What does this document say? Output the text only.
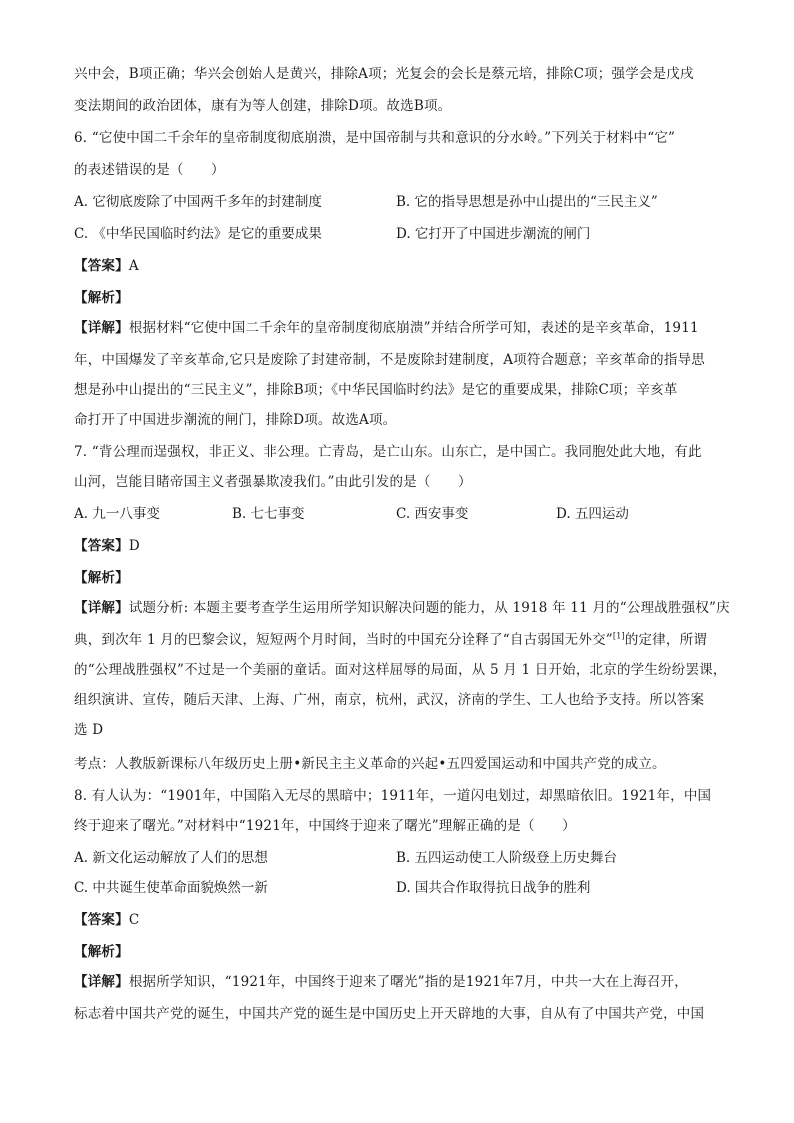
兴中会，B项正确；华兴会创始人是黄兴，排除A项；光复会的会长是蔡元培，排除C项；强学会是戊戌
变法期间的政治团体，康有为等人创建，排除D项。故选B项。
6. “它使中国二千余年的皇帝制度彻底崩溃，是中国帝制与共和意识的分水岭。”下列关于材料中“它”
的表述错误的是（　　）
A. 它彻底废除了中国两千多年的封建制度	B. 它的指导思想是孙中山提出的“三民主义”
C. 《中华民国临时约法》是它的重要成果	D. 它打开了中国进步潮流的闸门
【答案】A
【解析】
【详解】根据材料“它使中国二千余年的皇帝制度彻底崩溃”并结合所学可知，表述的是辛亥革命，1911
年，中国爆发了辛亥革命,它只是废除了封建帝制，不是废除封建制度，A项符合题意；辛亥革命的指导思
想是孙中山提出的“三民主义”，排除B项；《中华民国临时约法》是它的重要成果，排除C项；辛亥革
命打开了中国进步潮流的闸门，排除D项。故选A项。
7. “背公理而逞强权，非正义、非公理。亡青岛，是亡山东。山东亡，是中国亡。我同胞处此大地，有此
山河，岂能目睹帝国主义者强暴欺凌我们。”由此引发的是（　　）
A. 九一八事变	B. 七七事变	C. 西安事变	D. 五四运动
【答案】D
【解析】
【详解】试题分析: 本题主要考查学生运用所学知识解决问题的能力，从 1918 年 11 月的“公理战胜强权”庆
典，到次年 1 月的巴黎会议，短短两个月时间，当时的中国充分诠释了“自古弱国无外交”[1]的定律，所谓
的“公理战胜强权”不过是一个美丽的童话。面对这样屈辱的局面，从 5 月 1 日开始，北京的学生纷纷罢课，
组织演讲、宣传，随后天津、上海、广州，南京，杭州，武汉，济南的学生、工人也给予支持。所以答案
选 D
考点：人教版新课标八年级历史上册•新民主主义革命的兴起•五四爱国运动和中国共产党的成立。
8. 有人认为：“1901年，中国陷入无尽的黑暗中；1911年，一道闪电划过，却黑暗依旧。1921年，中国
终于迎来了曙光。”对材料中“1921年，中国终于迎来了曙光”理解正确的是（　　）
A. 新文化运动解放了人们的思想	B. 五四运动使工人阶级登上历史舞台
C. 中共诞生使革命面貌焕然一新	D. 国共合作取得抗日战争的胜利
【答案】C
【解析】
【详解】根据所学知识，“1921年，中国终于迎来了曙光”指的是1921年7月，中共一大在上海召开，
标志着中国共产党的诞生，中国共产党的诞生是中国历史上开天辟地的大事，自从有了中国共产党，中国
